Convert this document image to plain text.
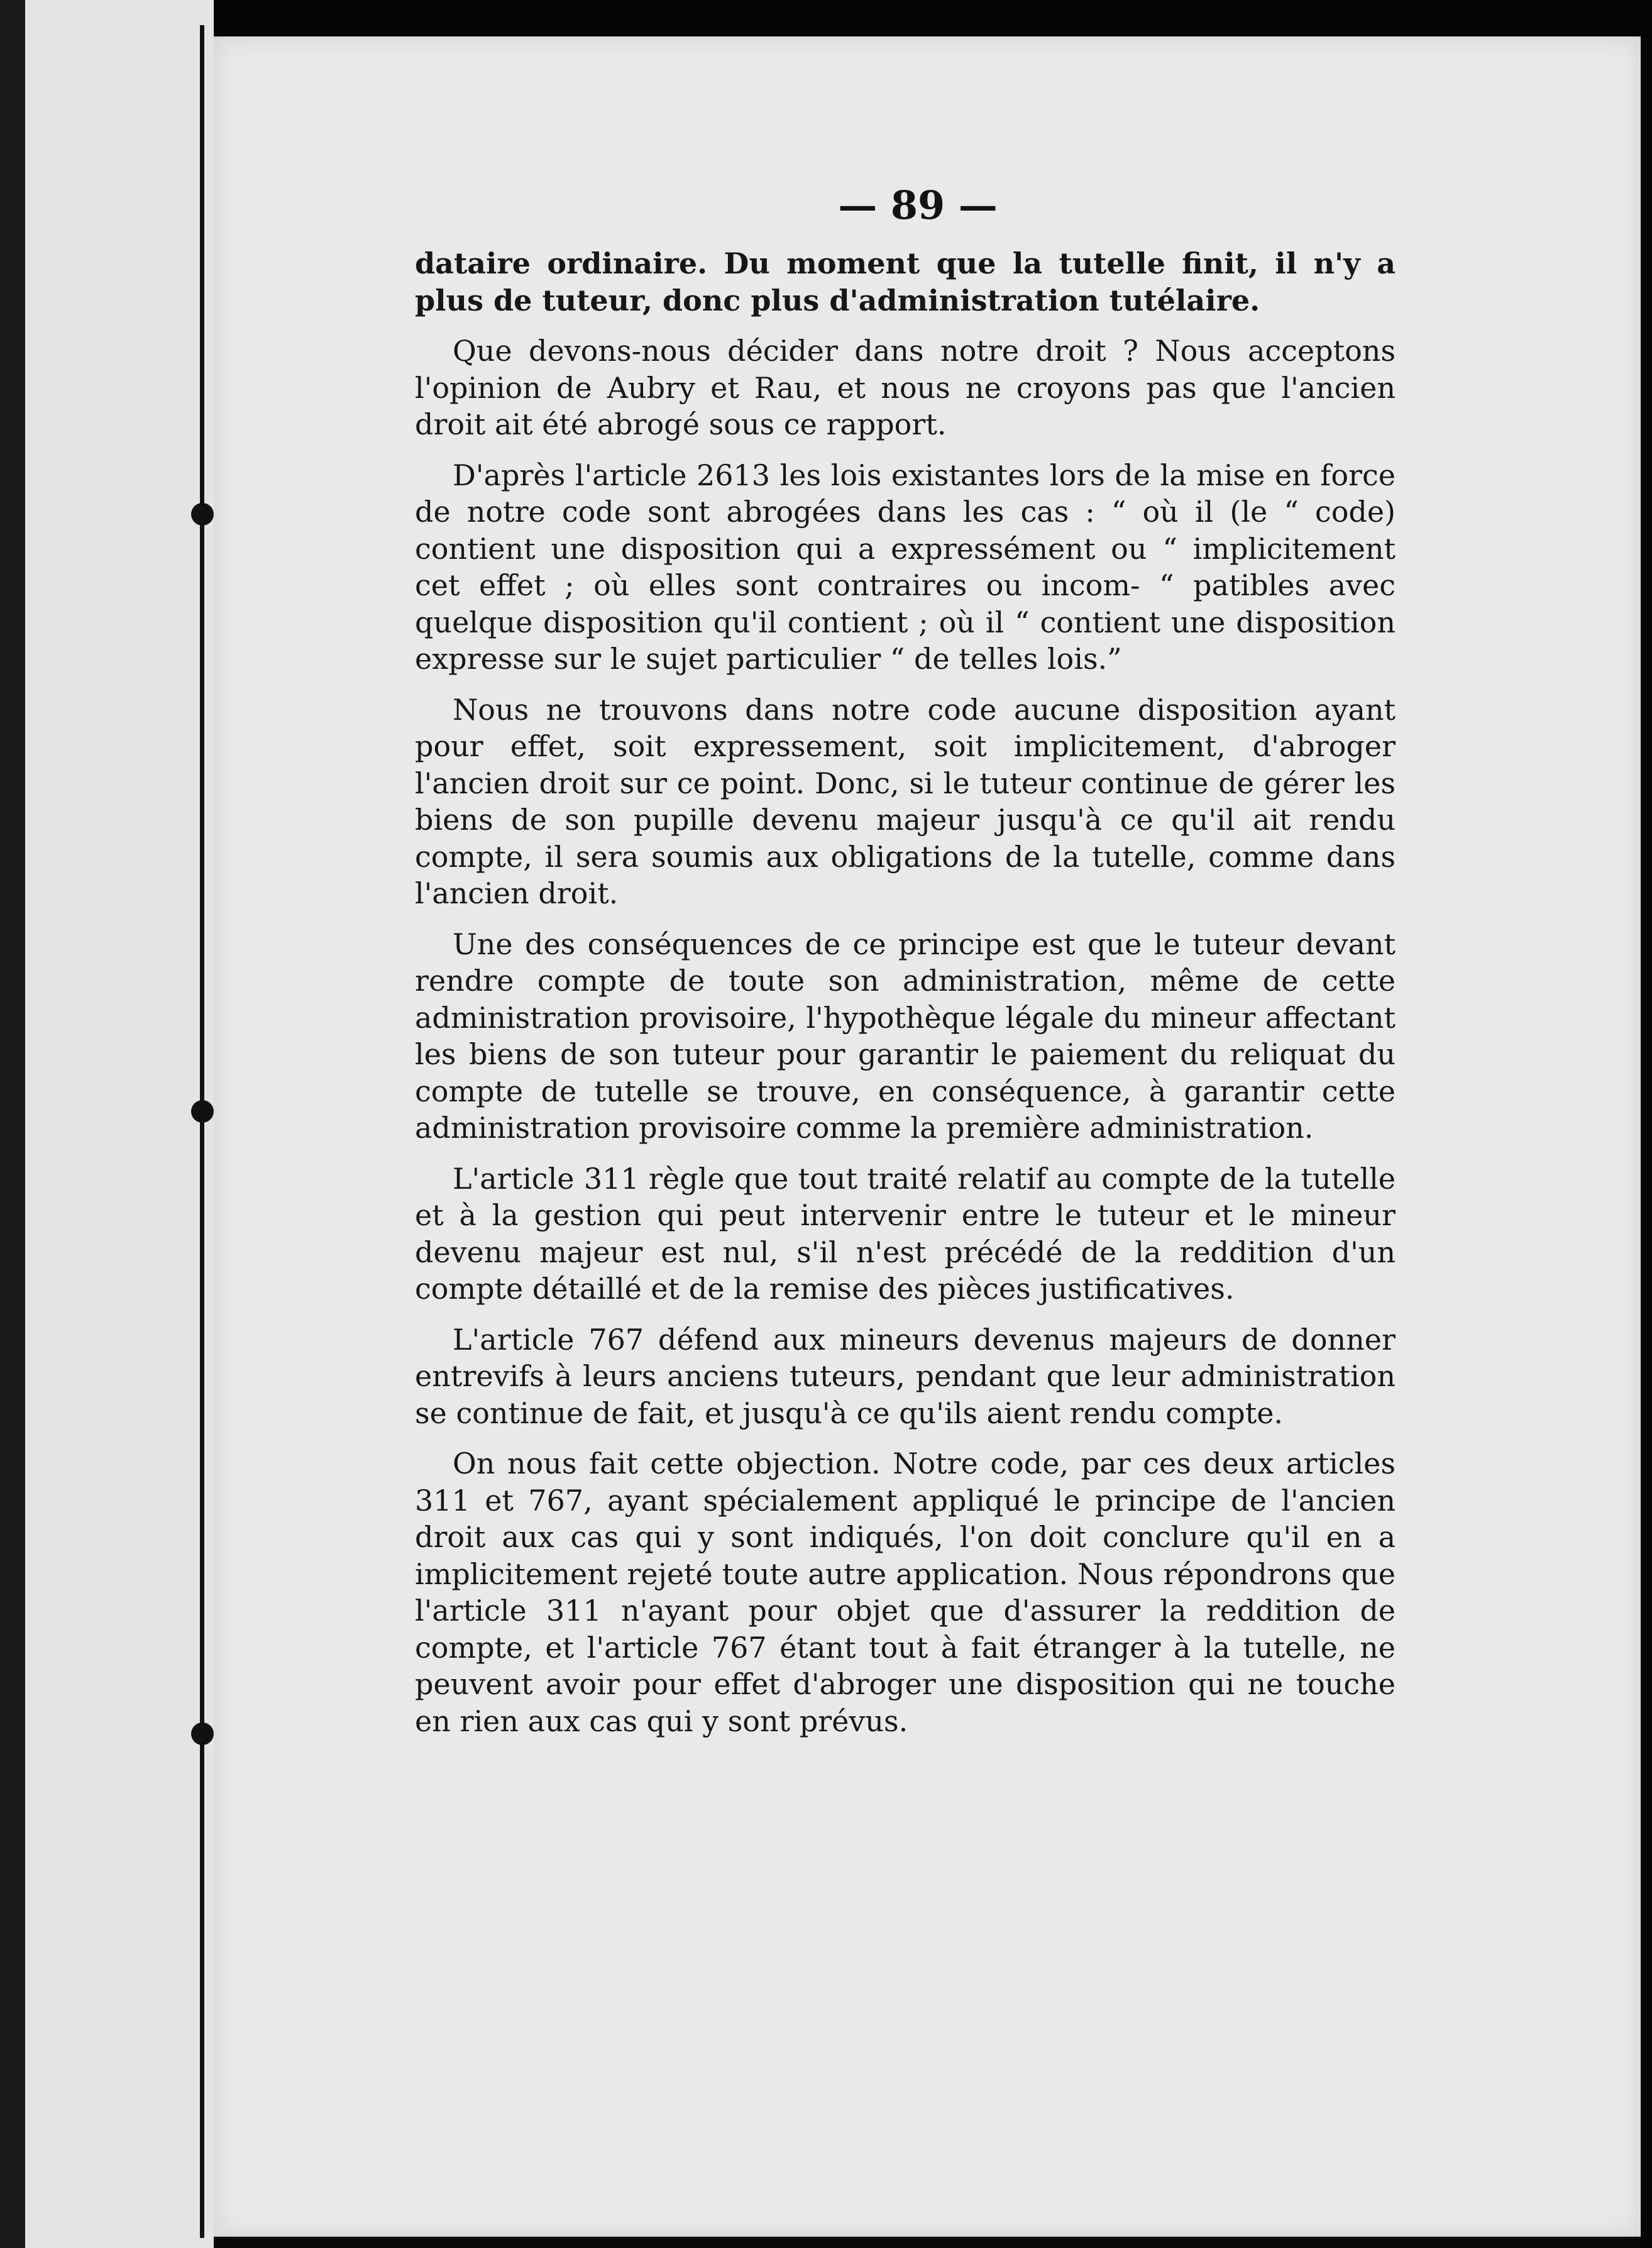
— 89 —

dataire ordinaire. Du moment que la tutelle finit, il n'y a plus de tuteur, donc plus d'administration tutélaire.

Que devons-nous décider dans notre droit ? Nous acceptons l'opinion de Aubry et Rau, et nous ne croyons pas que l'ancien droit ait été abrogé sous ce rapport.

D'après l'article 2613 les lois existantes lors de la mise en force de notre code sont abrogées dans les cas : “ où il (le “ code) contient une disposition qui a expressément ou “ implicitement cet effet ; où elles sont contraires ou incom- “ patibles avec quelque disposition qu'il contient ; où il “ contient une disposition expresse sur le sujet particulier “ de telles lois.”

Nous ne trouvons dans notre code aucune disposition ayant pour effet, soit expressement, soit implicitement, d'abroger l'ancien droit sur ce point. Donc, si le tuteur continue de gérer les biens de son pupille devenu majeur jusqu'à ce qu'il ait rendu compte, il sera soumis aux obligations de la tutelle, comme dans l'ancien droit.

Une des conséquences de ce principe est que le tuteur devant rendre compte de toute son administration, même de cette administration provisoire, l'hypothèque légale du mineur affectant les biens de son tuteur pour garantir le paiement du reliquat du compte de tutelle se trouve, en conséquence, à garantir cette administration provisoire comme la première administration.

L'article 311 règle que tout traité relatif au compte de la tutelle et à la gestion qui peut intervenir entre le tuteur et le mineur devenu majeur est nul, s'il n'est précédé de la reddition d'un compte détaillé et de la remise des pièces justificatives.

L'article 767 défend aux mineurs devenus majeurs de donner entrevifs à leurs anciens tuteurs, pendant que leur administration se continue de fait, et jusqu'à ce qu'ils aient rendu compte.

On nous fait cette objection. Notre code, par ces deux articles 311 et 767, ayant spécialement appliqué le principe de l'ancien droit aux cas qui y sont indiqués, l'on doit conclure qu'il en a implicitement rejeté toute autre application. Nous répondrons que l'article 311 n'ayant pour objet que d'assurer la reddition de compte, et l'article 767 étant tout à fait étranger à la tutelle, ne peuvent avoir pour effet d'abroger une disposition qui ne touche en rien aux cas qui y sont prévus.
